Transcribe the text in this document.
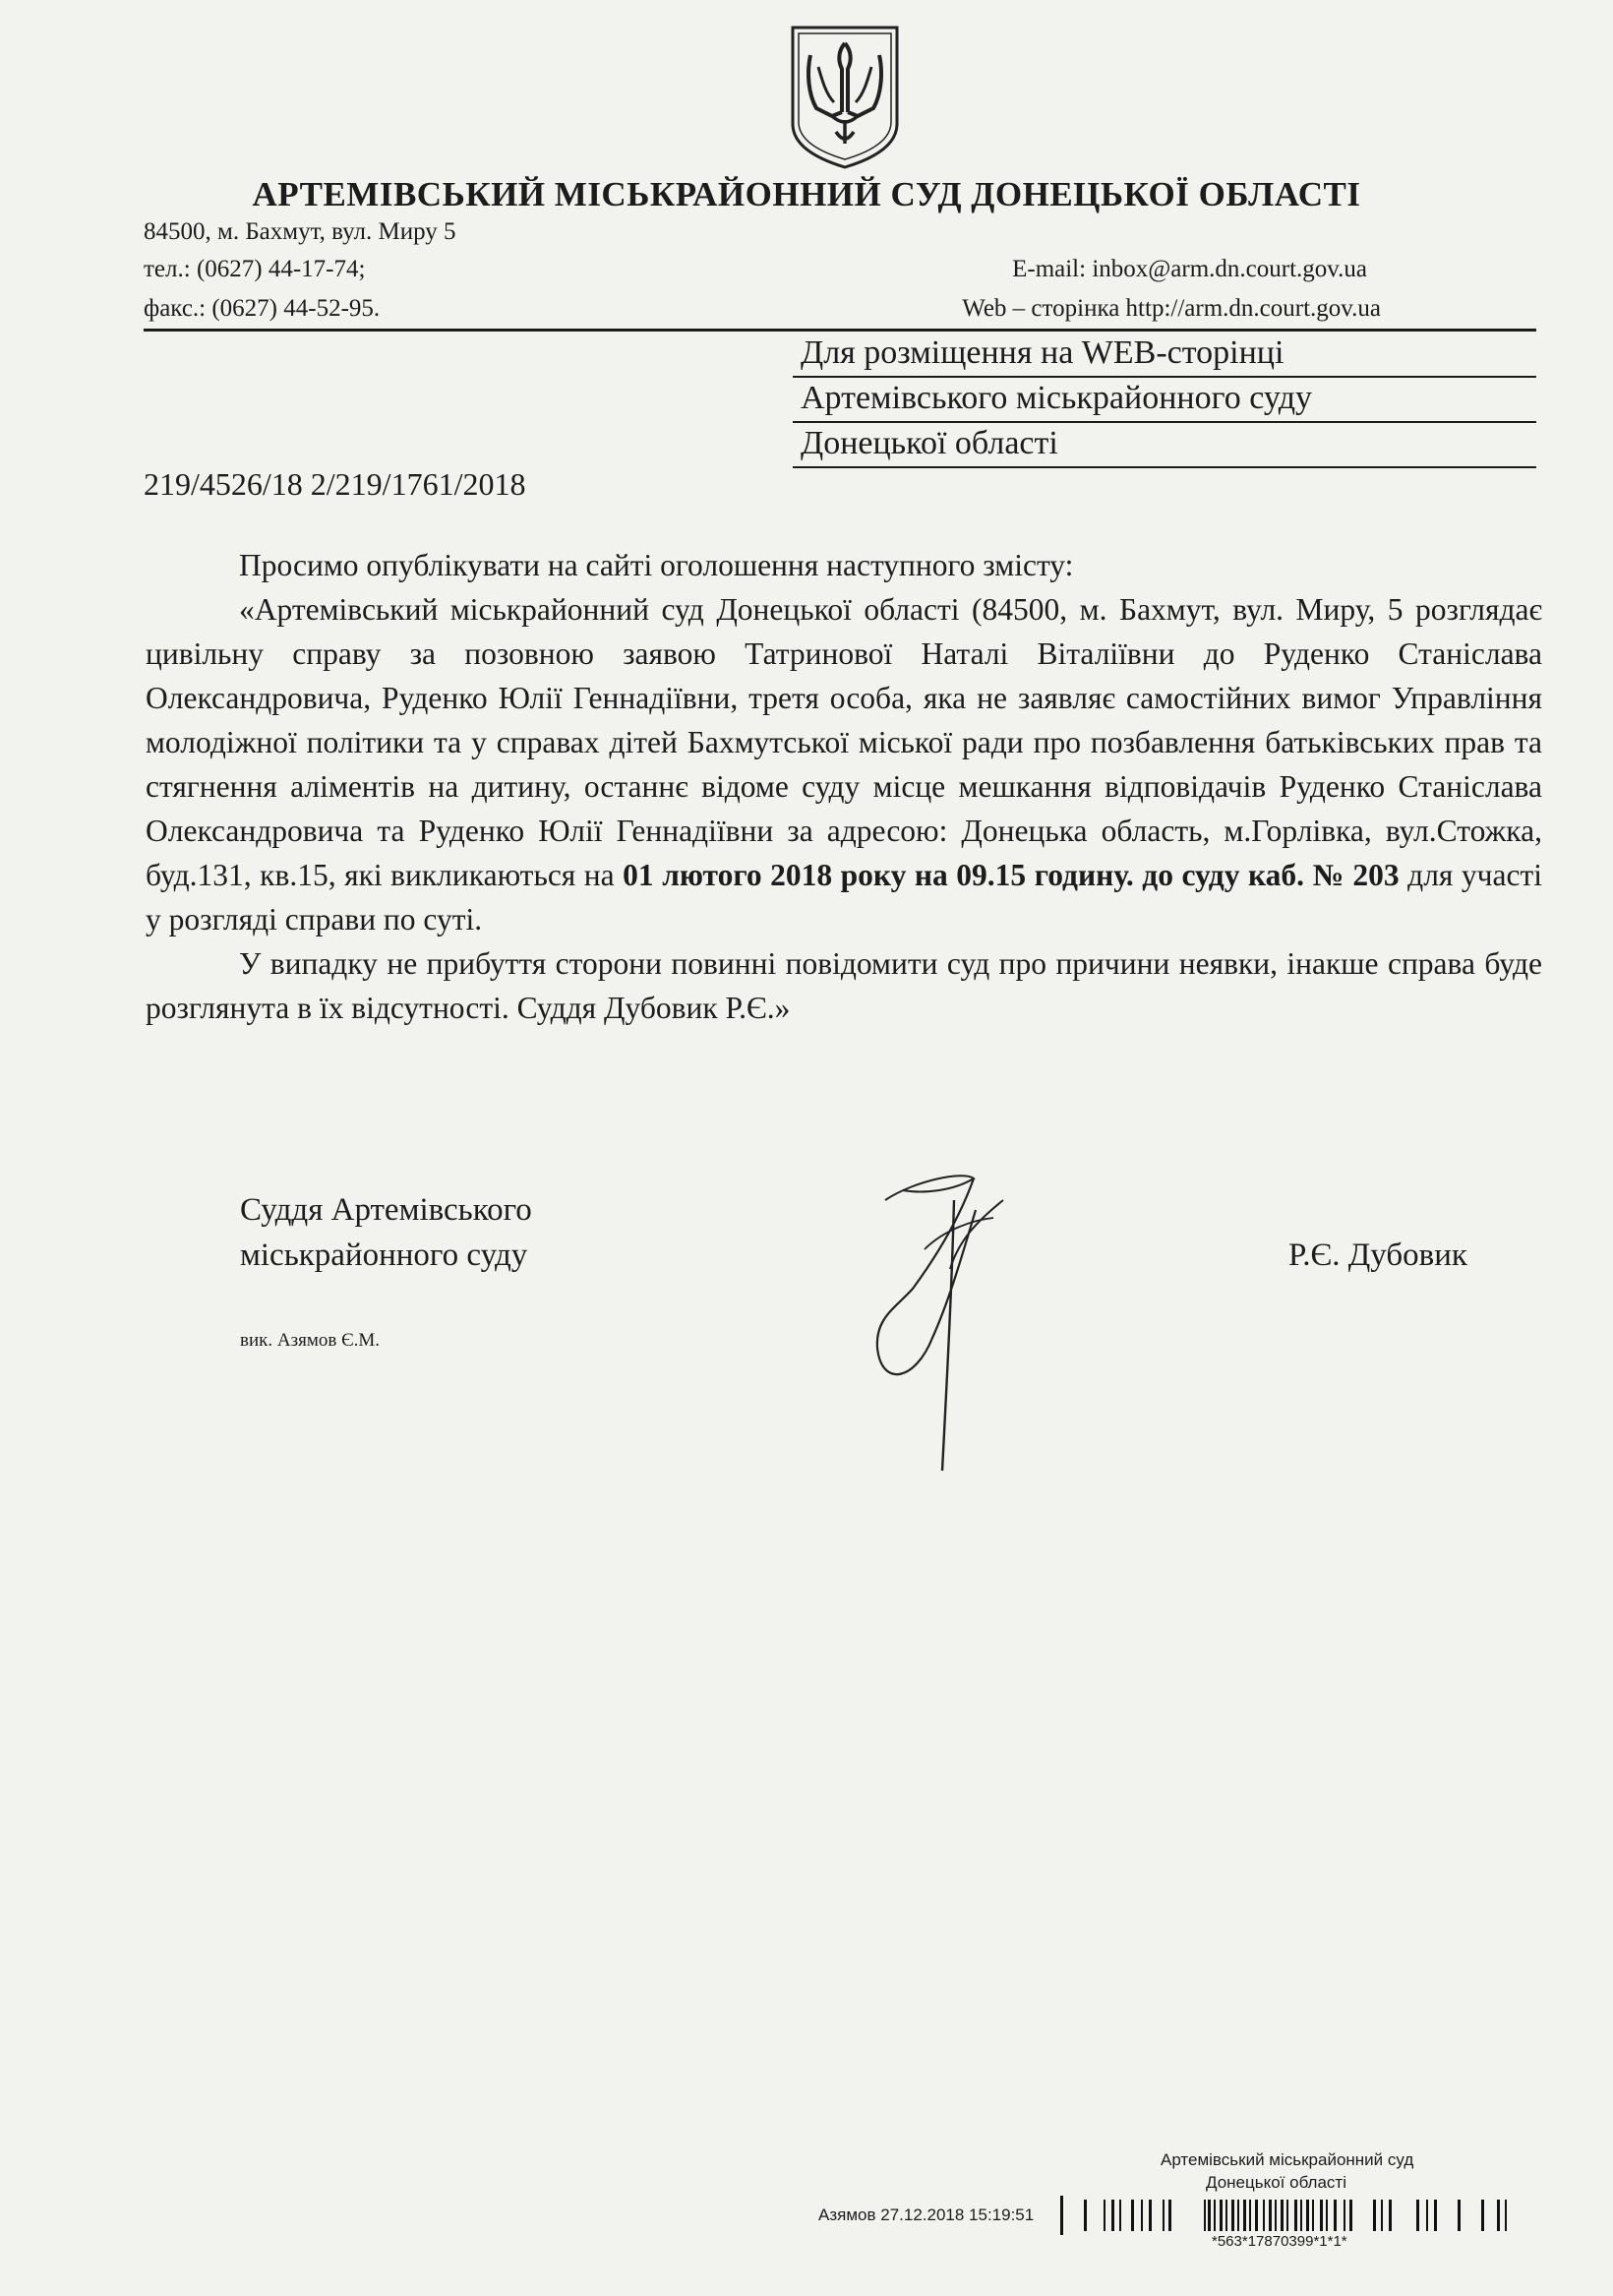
АРТЕМІВСЬКИЙ МІСЬКРАЙОННИЙ СУД ДОНЕЦЬКОЇ ОБЛАСТІ
84500, м. Бахмут, вул. Миру 5
тел.: (0627) 44-17-74;
факс.: (0627) 44-52-95.
E-mail: inbox@arm.dn.court.gov.ua
Web – сторінка http://arm.dn.court.gov.ua
Для розміщення на WEB-сторінці
Артемівського міськрайонного суду
Донецької області
219/4526/18 2/219/1761/2018

Просимо опублікувати на сайті оголошення наступного змісту:

«Артемівський міськрайонний суд Донецької області (84500, м. Бахмут, вул. Миру, 5 розглядає цивільну справу за позовною заявою Татринової Наталі Віталіївни до Руденко Станіслава Олександровича, Руденко Юлії Геннадіївни, третя особа, яка не заявляє самостійних вимог Управління молодіжної політики та у справах дітей Бахмутської міської ради про позбавлення батьківських прав та стягнення аліментів на дитину, останнє відоме суду місце мешкання відповідачів Руденко Станіслава Олександровича та Руденко Юлії Геннадіївни за адресою: Донецька область, м.Горлівка, вул.Стожка, буд.131, кв.15, які викликаються на 01 лютого 2018 року на 09.15 годину. до суду каб. № 203 для участі у розгляді справи по суті.

У випадку не прибуття сторони повинні повідомити суд про причини неявки, інакше справа буде розглянута в їх відсутності. Суддя Дубовик Р.Є.»

Суддя Артемівського
міськрайонного суду	Р.Є. Дубовик
вик. Азямов Є.М.
Артемівський міськрайонний суд
Донецької області
Азямов 27.12.2018 15:19:51
*563*17870399*1*1*
